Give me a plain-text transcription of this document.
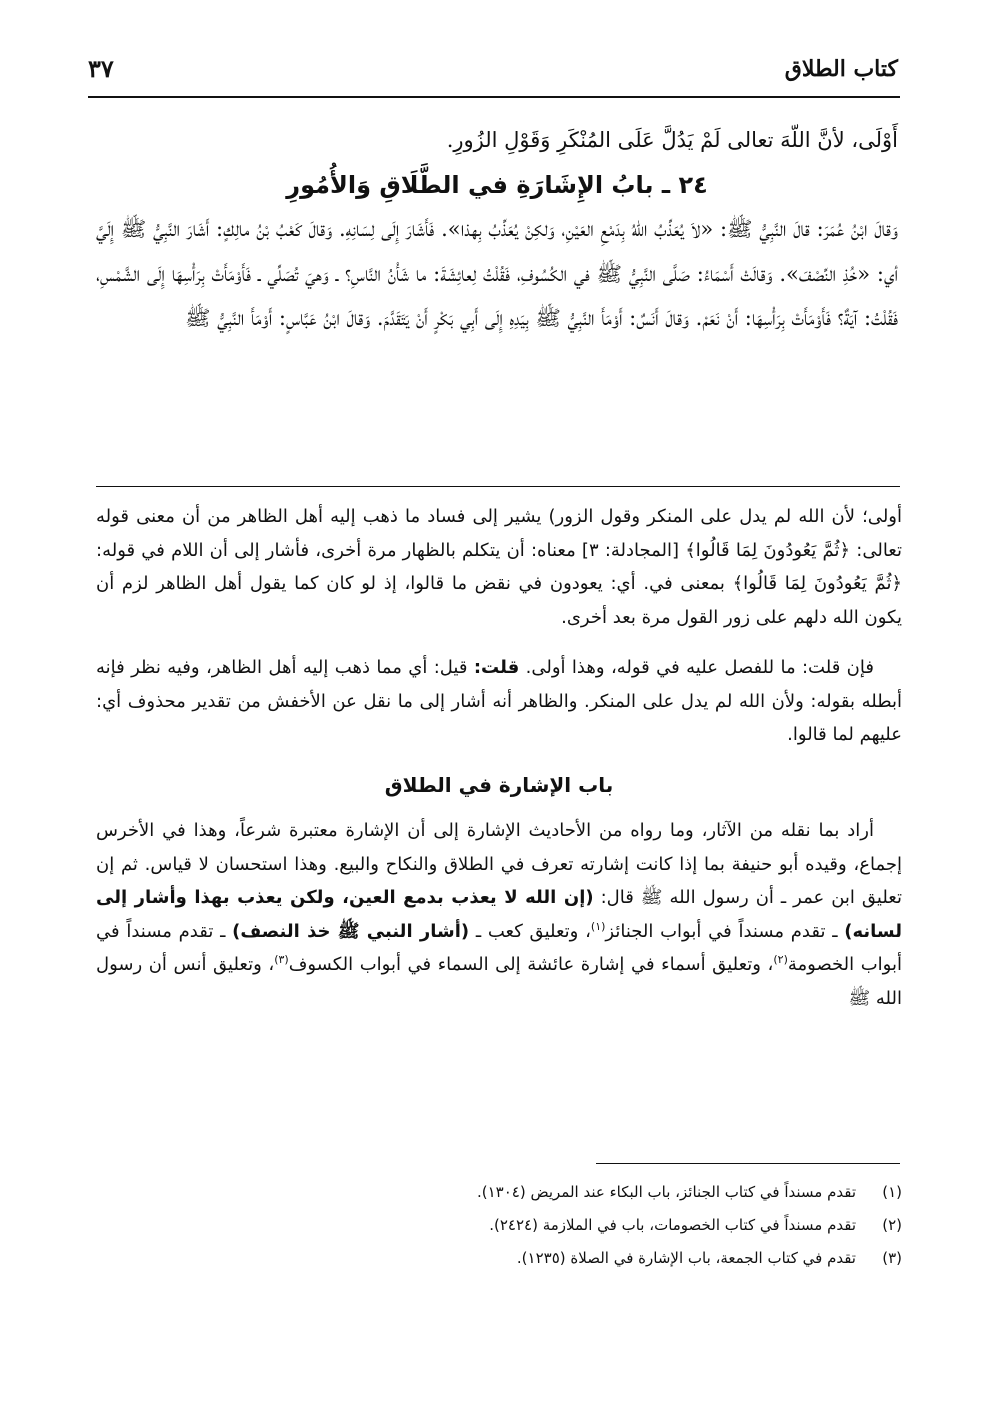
كتاب الطلاق
٣٧

أَوْلَى، لأنَّ اللّهَ تعالى لَمْ يَدُلَّ عَلَى المُنْكَرِ وَقَوْلِ الزُورِ.

٢٤ ـ بابُ الإِشَارَةِ في الطَّلَاقِ وَالأُمُورِ

وَقالَ ابْنُ عُمَرَ: قالَ النَّبِيُّ ﷺ: «لاَ يُعَذِّبُ اللّهُ بِدَمْعِ العَيْنِ، وَلكِنْ يُعَذِّبُ بِهذا». فَأَشَارَ إِلَى لِسَانِهِ. وَقالَ كَعْبُ بْنُ مالِكٍ: أَشَارَ النَّبِيُّ ﷺ إِلَيَّ أي: «خُذِ النِّصْفَ». وَقالَتْ أَسْمَاءُ: صَلَّى النَّبِيُّ ﷺ في الكُسُوفِ، فَقُلْتُ لِعائِشَةَ: ما شَأْنُ النَّاسِ؟ ـ وَهيَ تُصَلِّي ـ فَأَوْمَأَتْ بِرَأْسِهَا إِلَى الشَّمْسِ، فَقُلْتُ: آيَةٌ؟ فَأَوْمَأَتْ بِرَأْسِهَا: أَنْ نَعَمْ. وَقالَ أَنَسٌ: أَوْمَأَ النَّبِيُّ ﷺ بِيَدِهِ إِلَى أَبِي بَكْرٍ أَنْ يَتَقَدَّمَ. وَقالَ ابْنُ عَبَّاسٍ: أَوْمَأَ النَّبِيُّ ﷺ

أولى؛ لأن الله لم يدل على المنكر وقول الزور) يشير إلى فساد ما ذهب إليه أهل الظاهر من أن معنى قوله تعالى: ﴿ثُمَّ يَعُودُونَ لِمَا قَالُوا﴾ [المجادلة: ٣] معناه: أن يتكلم بالظهار مرة أخرى، فأشار إلى أن اللام في قوله: ﴿ثُمَّ يَعُودُونَ لِمَا قَالُوا﴾ بمعنى في. أي: يعودون في نقض ما قالوا، إذ لو كان كما يقول أهل الظاهر لزم أن يكون الله دلهم على زور القول مرة بعد أخرى.

فإن قلت: ما للفصل عليه في قوله، وهذا أولى. قلت: قيل: أي مما ذهب إليه أهل الظاهر، وفيه نظر فإنه أبطله بقوله: ولأن الله لم يدل على المنكر. والظاهر أنه أشار إلى ما نقل عن الأخفش من تقدير محذوف أي: عليهم لما قالوا.

باب الإشارة في الطلاق

أراد بما نقله من الآثار، وما رواه من الأحاديث الإشارة إلى أن الإشارة معتبرة شرعاً، وهذا في الأخرس إجماع، وقيده أبو حنيفة بما إذا كانت إشارته تعرف في الطلاق والنكاح والبيع. وهذا استحسان لا قياس. ثم إن تعليق ابن عمر ـ أن رسول الله ﷺ قال: (إن الله لا يعذب بدمع العين، ولكن يعذب بهذا وأشار إلى لسانه) ـ تقدم مسنداً في أبواب الجنائز$^{(١)}$، وتعليق كعب ـ (أشار النبي ﷺ خذ النصف) ـ تقدم مسنداً في أبواب الخصومة$^{(٢)}$، وتعليق أسماء في إشارة عائشة إلى السماء في أبواب الكسوف$^{(٣)}$، وتعليق أنس أن رسول الله ﷺ

(١)تقدم مسنداً في كتاب الجنائز، باب البكاء عند المريض (١٣٠٤).

(٢)تقدم مسنداً في كتاب الخصومات، باب في الملازمة (٢٤٢٤).

(٣)تقدم في كتاب الجمعة، باب الإشارة في الصلاة (١٢٣٥).
